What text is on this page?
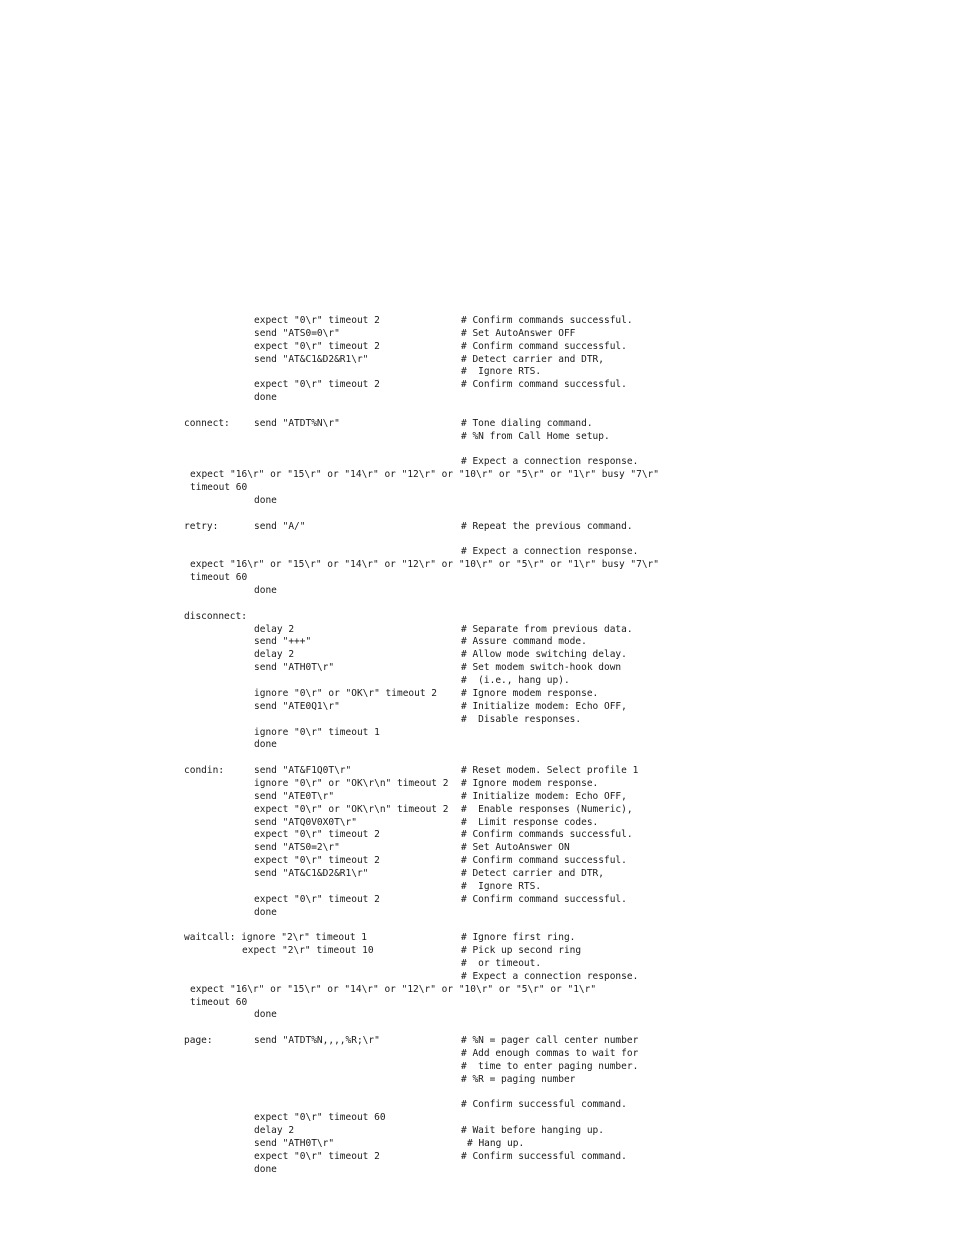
expect "0\r" timeout 2	# Confirm commands successful.
send "ATS0=0\r"	# Set AutoAnswer OFF
expect "0\r" timeout 2	# Confirm command successful.
send "AT&C1&D2&R1\r"	# Detect carrier and DTR,
#  Ignore RTS.
expect "0\r" timeout 2	# Confirm command successful.
done
connect:	send "ATDT%N\r"	# Tone dialing command.
# %N from Call Home setup.
# Expect a connection response.
expect "16\r" or "15\r" or "14\r" or "12\r" or "10\r" or "5\r" or "1\r" busy "7\r"
timeout 60
done
retry:	send "A/"	# Repeat the previous command.
# Expect a connection response.
expect "16\r" or "15\r" or "14\r" or "12\r" or "10\r" or "5\r" or "1\r" busy "7\r"
timeout 60
done
disconnect:
delay 2	# Separate from previous data.
send "+++"	# Assure command mode.
delay 2	# Allow mode switching delay.
send "ATH0T\r"	# Set modem switch-hook down
#  (i.e., hang up).
ignore "0\r" or "OK\r" timeout 2	# Ignore modem response.
send "ATE0Q1\r"	# Initialize modem: Echo OFF,
#  Disable responses.
ignore "0\r" timeout 1
done
condin:	send "AT&F1Q0T\r"	# Reset modem. Select profile 1
ignore "0\r" or "OK\r\n" timeout 2 # Ignore modem response.
send "ATE0T\r"	# Initialize modem: Echo OFF,
expect "0\r" or "OK\r\n" timeout 2 #  Enable responses (Numeric),
send "ATQ0V0X0T\r"	#  Limit response codes.
expect "0\r" timeout 2	# Confirm commands successful.
send "ATS0=2\r"	# Set AutoAnswer ON
expect "0\r" timeout 2	# Confirm command successful.
send "AT&C1&D2&R1\r"	# Detect carrier and DTR,
#  Ignore RTS.
expect "0\r" timeout 2	# Confirm command successful.
done
waitcall: ignore "2\r" timeout 1	# Ignore first ring.
expect "2\r" timeout 10	# Pick up second ring
#  or timeout.
# Expect a connection response.
expect "16\r" or "15\r" or "14\r" or "12\r" or "10\r" or "5\r" or "1\r"
timeout 60
done
page:	send "ATDT%N,,,,%R;\r"	# %N = pager call center number
# Add enough commas to wait for
#  time to enter paging number.
# %R = paging number
# Confirm successful command.
expect "0\r" timeout 60
delay 2	# Wait before hanging up.
send "ATH0T\r"	# Hang up.
expect "0\r" timeout 2	# Confirm successful command.
done
